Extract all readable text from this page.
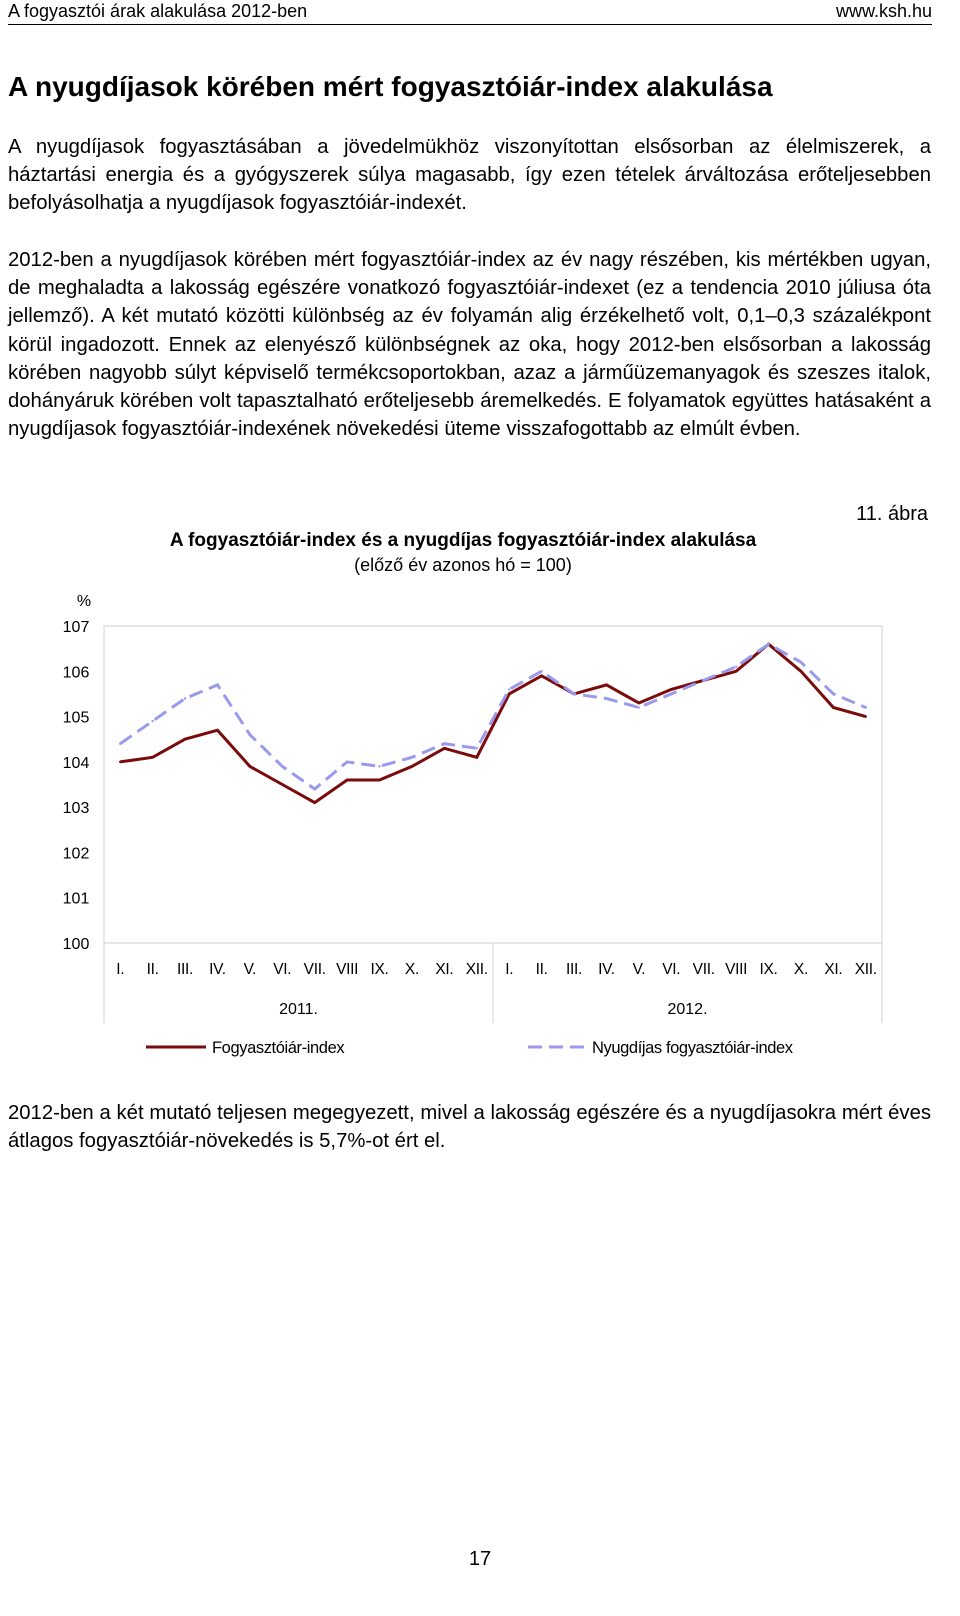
A fogyasztói árak alakulása 2012-ben	www.ksh.hu
A nyugdíjasok körében mért fogyasztóiár-index alakulása

A nyugdíjasok fogyasztásában a jövedelmükhöz viszonyítottan elsősorban az élelmiszerek, a háztartási energia és a gyógyszerek súlya magasabb, így ezen tételek árváltozása erőteljesebben befolyásolhatja a nyugdíjasok fogyasztóiár-indexét.

2012-ben a nyugdíjasok körében mért fogyasztóiár-index az év nagy részében, kis mértékben ugyan, de meghaladta a lakosság egészére vonatkozó fogyasztóiár-indexet (ez a tendencia 2010 júliusa óta jellemző). A két mutató közötti különbség az év folyamán alig érzékelhető volt, 0,1–0,3 százalékpont körül ingadozott. Ennek az elenyésző különbségnek az oka, hogy 2012-ben elsősorban a lakosság körében nagyobb súlyt képviselő termékcsoportokban, azaz a járműüzemanyagok és szeszes italok, dohányáruk körében volt tapasztalható erőteljesebb áremelkedés. E folyamatok együttes hatásaként a nyugdíjasok fogyasztóiár-indexének növekedési üteme visszafogottabb az elmúlt évben.

11. ábra
A fogyasztóiár-index és a nyugdíjas fogyasztóiár-index alakulása
(előző év azonos hó = 100)
%
100
101
102
103
104
105
106
107
I. II. III. IV. V. VI. VII. VIII IX. X. XI. XII. I. II. III. IV. V. VI. VII. VIII IX. X. XI. XII.
2011.	2012.
Fogyasztóiár-index	Nyugdíjas fogyasztóiár-index

2012-ben a két mutató teljesen megegyezett, mivel a lakosság egészére és a nyugdíjasokra mért éves átlagos fogyasztóiár-növekedés is 5,7%-ot ért el.

17
